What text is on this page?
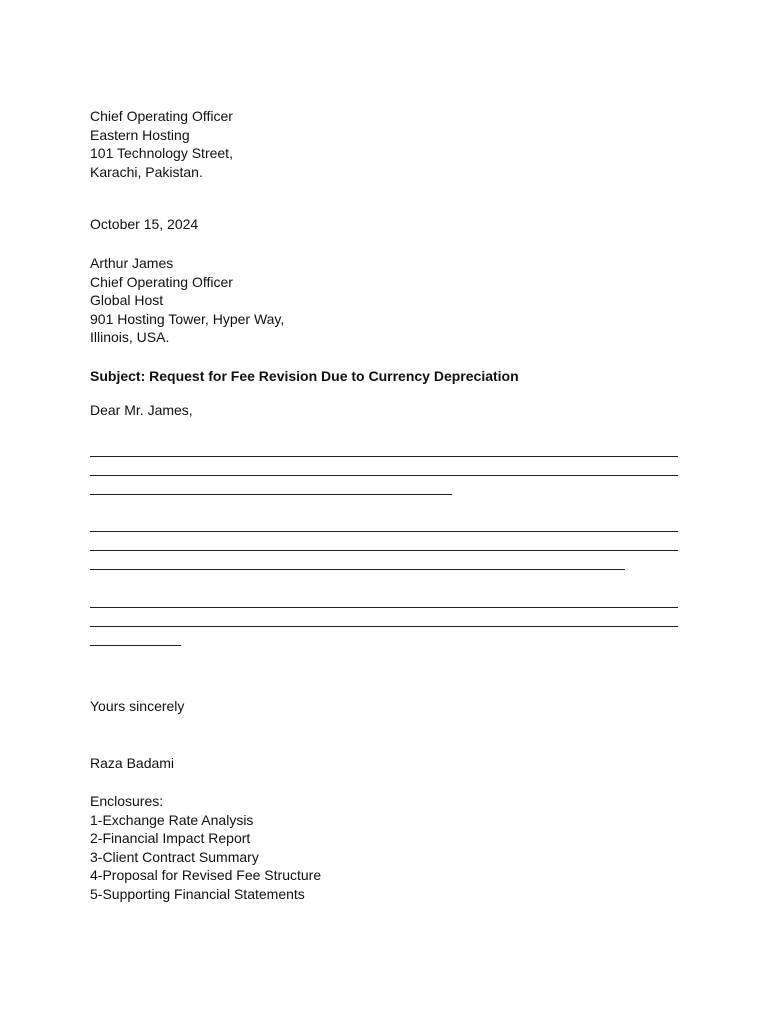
Chief Operating Officer
Eastern Hosting
101 Technology Street,
Karachi, Pakistan.
October 15, 2024
Arthur James
Chief Operating Officer
Global Host
901 Hosting Tower, Hyper Way,
Illinois, USA.
Subject: Request for Fee Revision Due to Currency Depreciation
Dear Mr. James,
Yours sincerely
Raza Badami
Enclosures:
1-Exchange Rate Analysis
2-Financial Impact Report
3-Client Contract Summary
4-Proposal for Revised Fee Structure
5-Supporting Financial Statements
